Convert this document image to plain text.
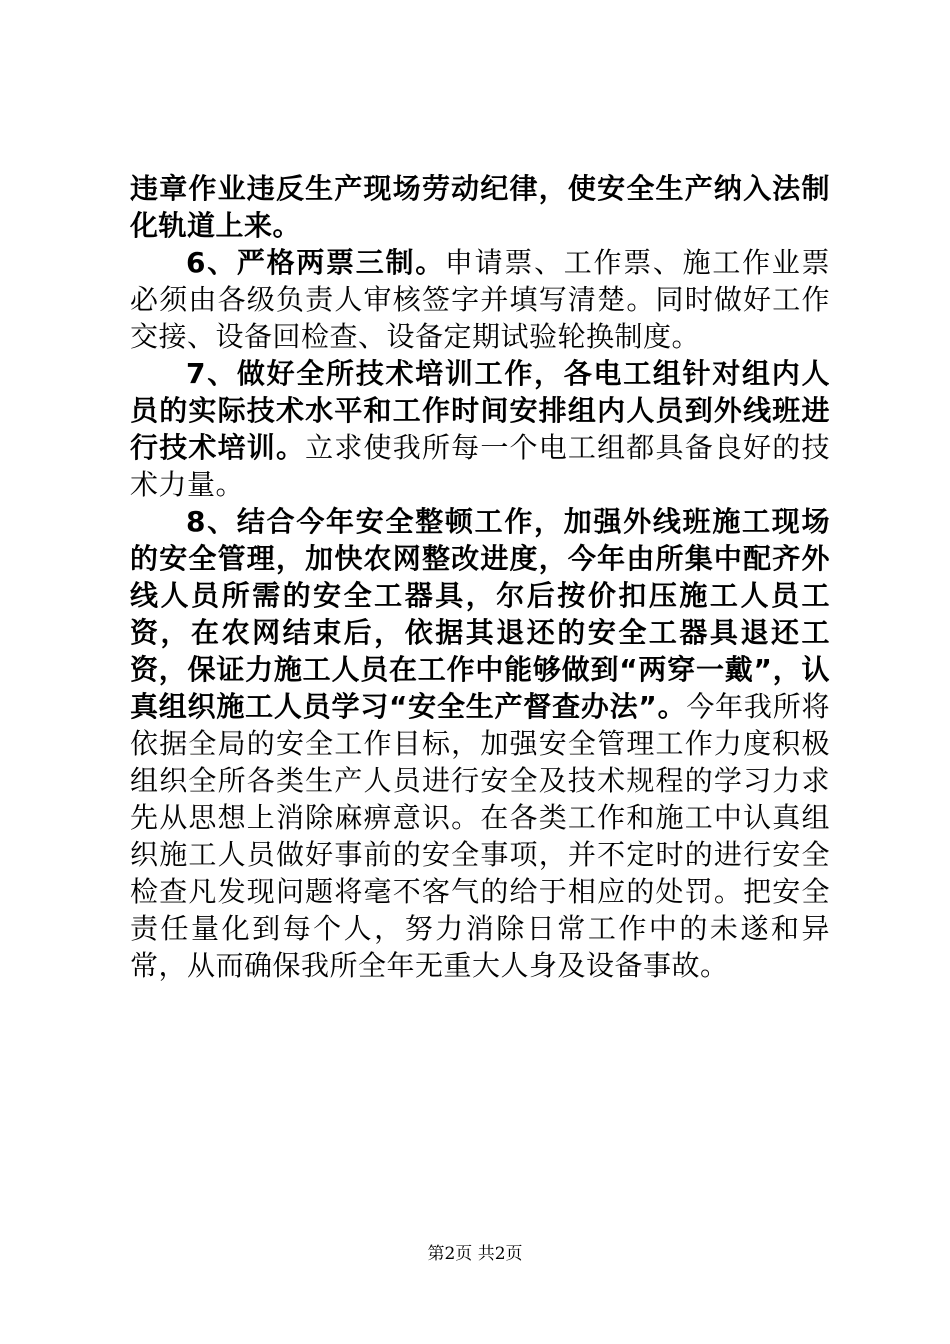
违章作业违反生产现场劳动纪律，使安全生产纳入法制化轨道上来。

6、严格两票三制。申请票、工作票、施工作业票必须由各级负责人审核签字并填写清楚。同时做好工作交接、设备回检查、设备定期试验轮换制度。

7、做好全所技术培训工作，各电工组针对组内人员的实际技术水平和工作时间安排组内人员到外线班进行技术培训。立求使我所每一个电工组都具备良好的技术力量。

8、结合今年安全整顿工作，加强外线班施工现场的安全管理，加快农网整改进度，今年由所集中配齐外线人员所需的安全工器具，尔后按价扣压施工人员工资，在农网结束后，依据其退还的安全工器具退还工资，保证力施工人员在工作中能够做到“两穿一戴”，认真组织施工人员学习“安全生产督查办法”。今年我所将依据全局的安全工作目标，加强安全管理工作力度积极组织全所各类生产人员进行安全及技术规程的学习力求先从思想上消除麻痹意识。在各类工作和施工中认真组织施工人员做好事前的安全事项，并不定时的进行安全检查凡发现问题将毫不客气的给于相应的处罚。把安全责任量化到每个人，努力消除日常工作中的未遂和异常，从而确保我所全年无重大人身及设备事故。

第2页 共2页
